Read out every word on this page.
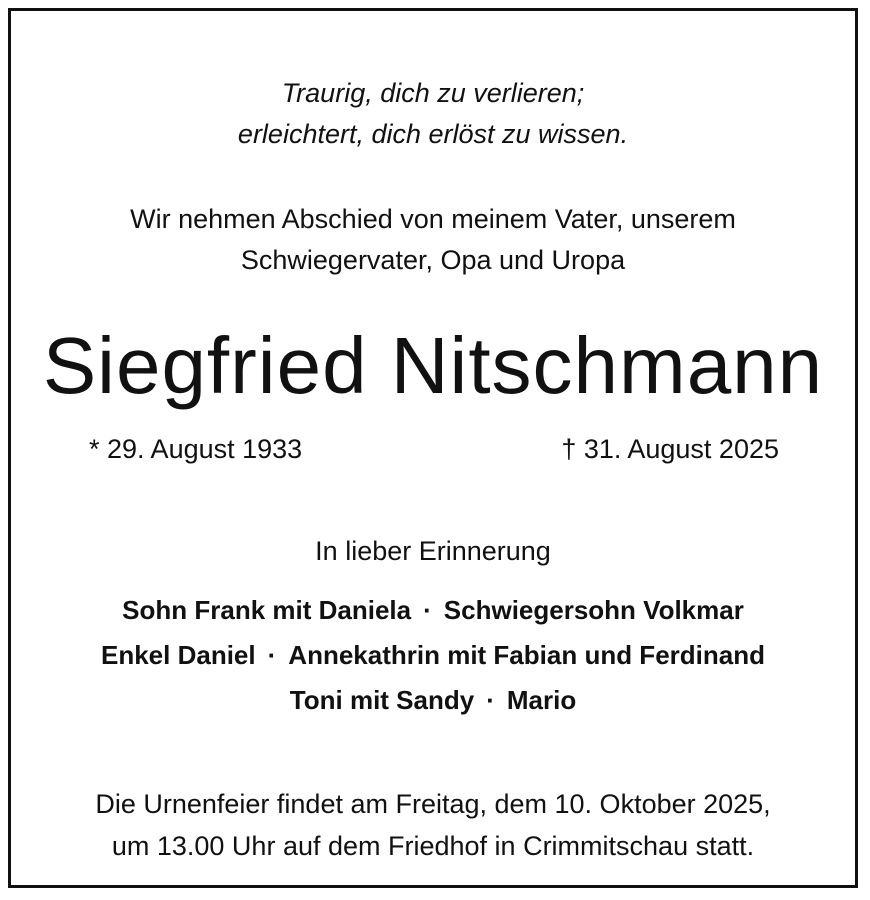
Traurig, dich zu verlieren;
erleichtert, dich erlöst zu wissen.
Wir nehmen Abschied von meinem Vater, unserem
Schwiegervater, Opa und Uropa
Siegfried Nitschmann
* 29. August 1933	† 31. August 2025
In lieber Erinnerung
Sohn Frank mit Daniela · Schwiegersohn Volkmar
Enkel Daniel · Annekathrin mit Fabian und Ferdinand
Toni mit Sandy · Mario
Die Urnenfeier findet am Freitag, dem 10. Oktober 2025,
um 13.00 Uhr auf dem Friedhof in Crimmitschau statt.
